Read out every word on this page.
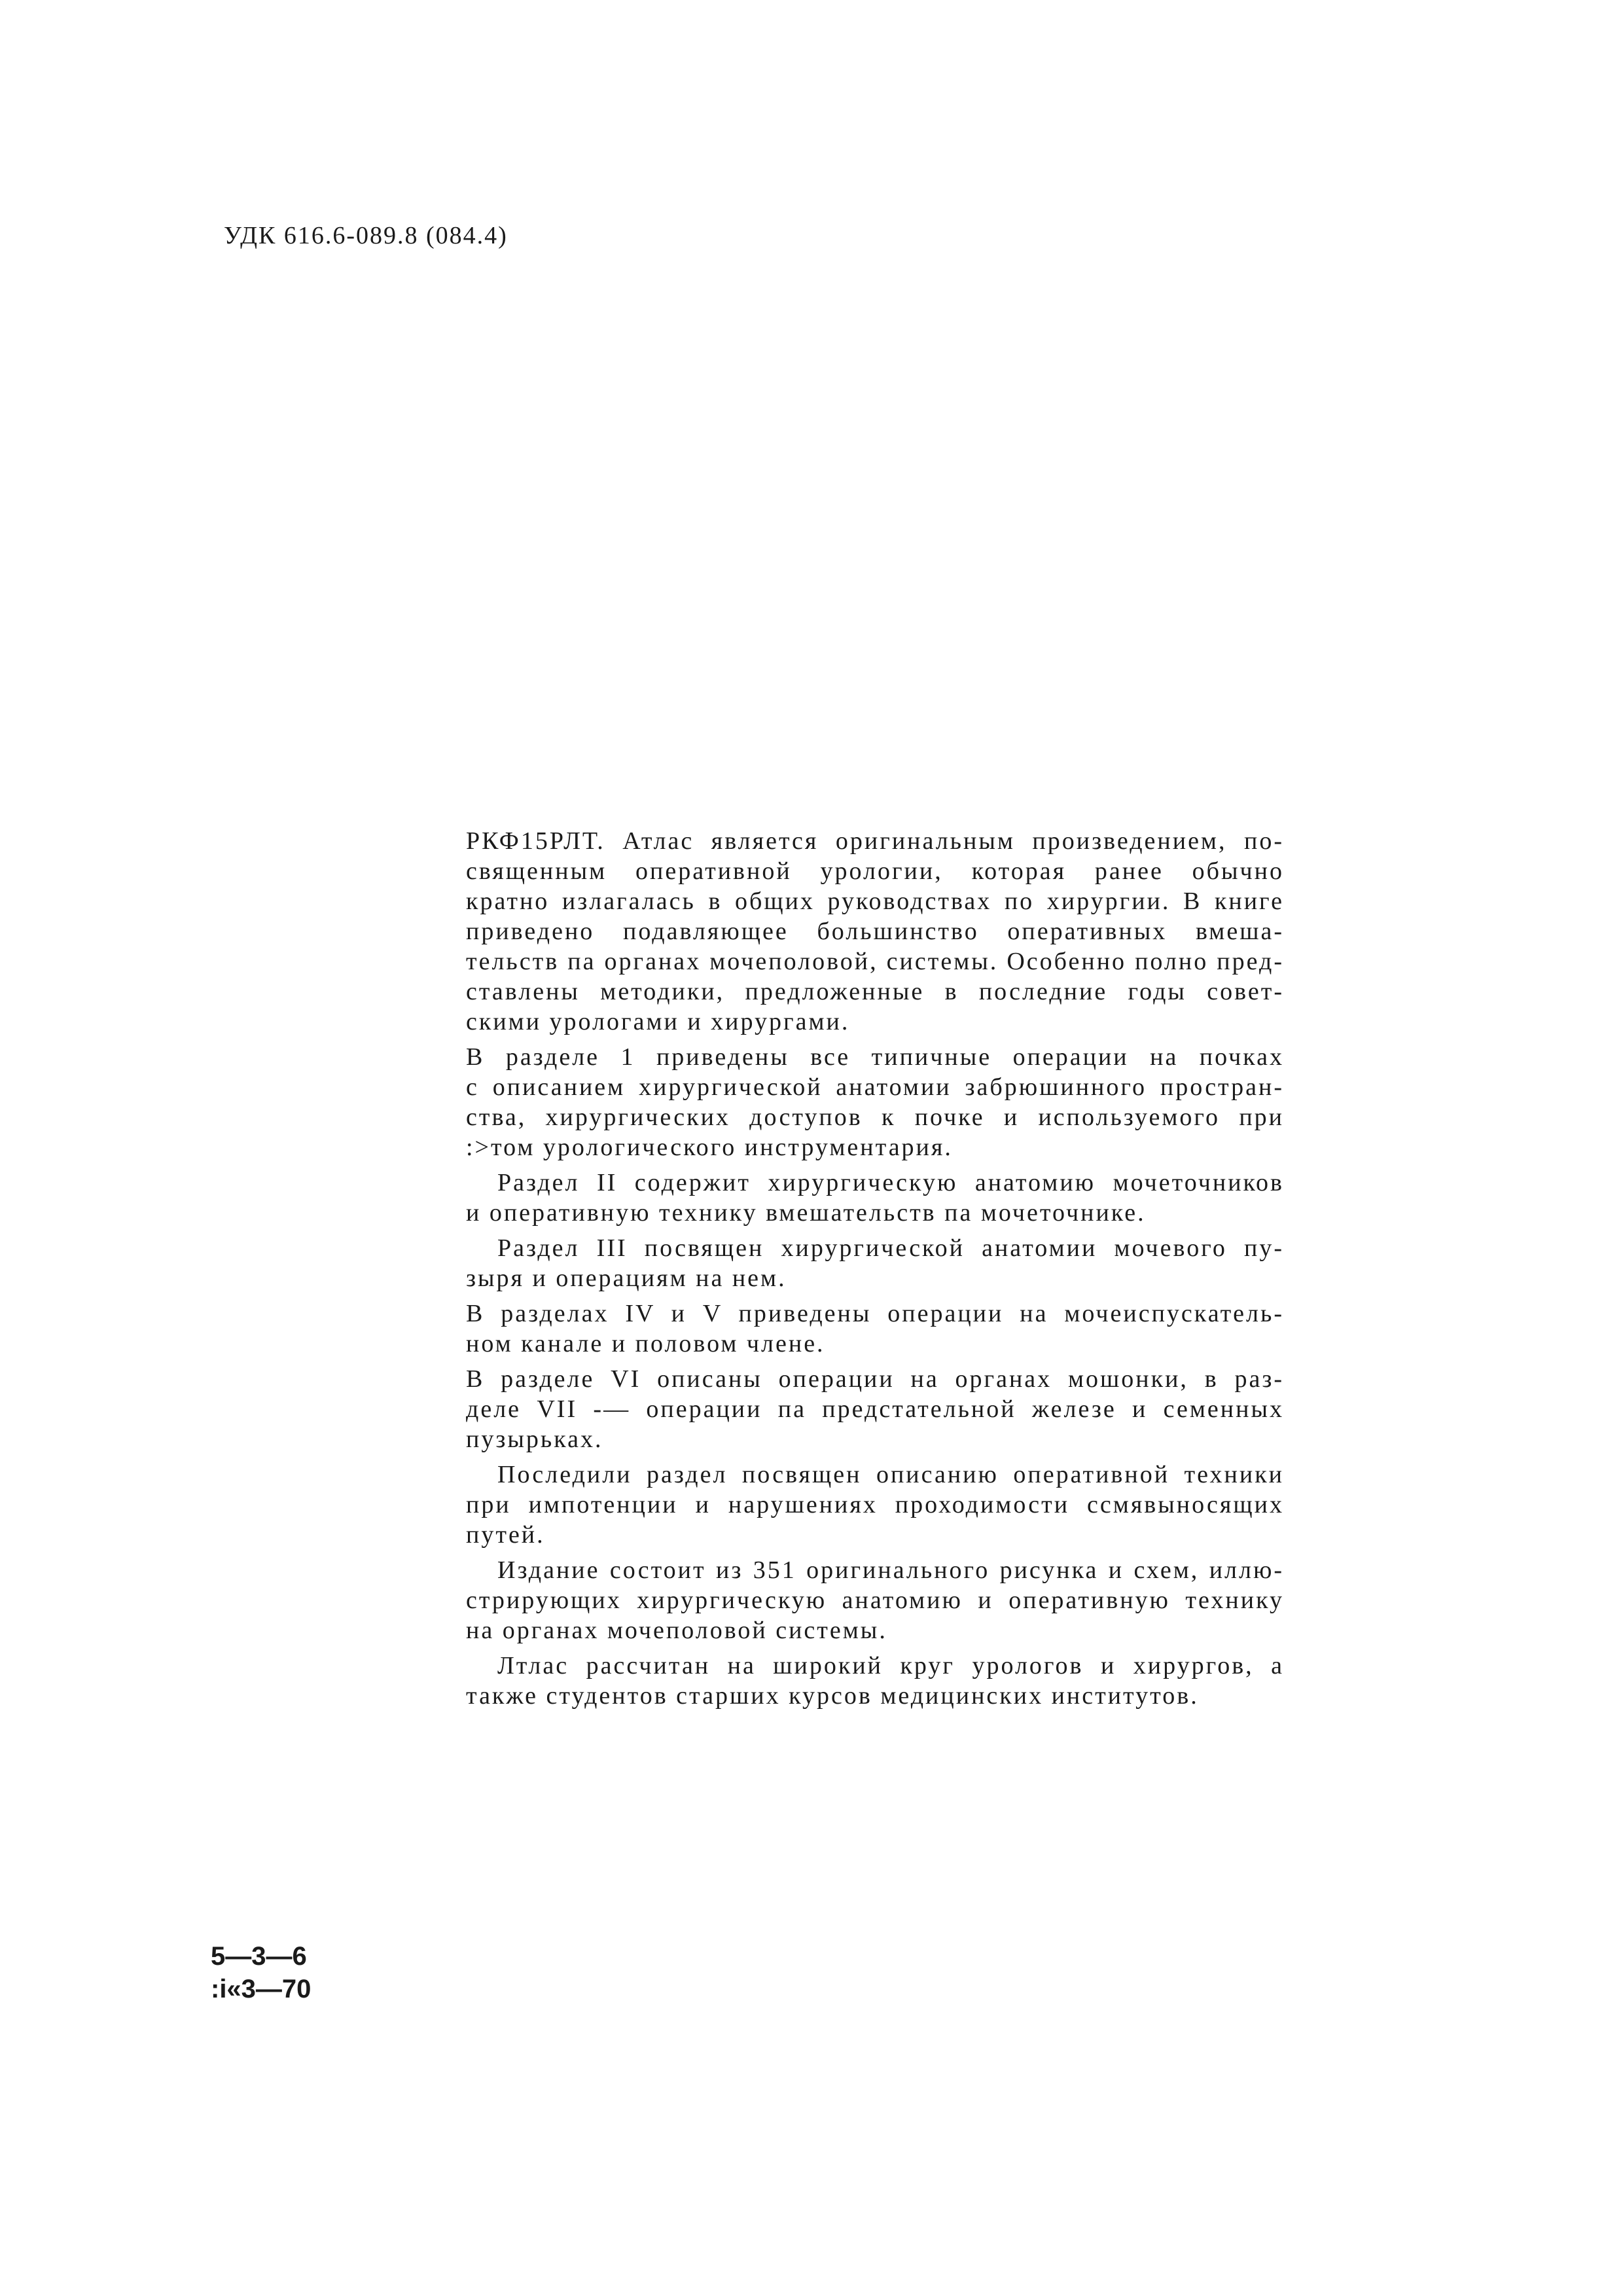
УДК 616.6-089.8 (084.4)

РКФ15РЛТ. Атлас является оригинальным произведением, по-
священным оперативной урологии, которая ранее обычно
кратно излагалась в общих руководствах по хирургии. В книге
приведено подавляющее большинство оперативных вмеша-
тельств па органах мочеполовой, системы. Особенно полно пред-
ставлены методики, предложенные в последние годы совет-
скими урологами и хирургами.

В разделе 1 приведены все типичные операции на почках
с описанием хирургической анатомии забрюшинного простран-
ства, хирургических доступов к почке и используемого при
:>том урологического инструментария.

Раздел II содержит хирургическую анатомию мочеточников
и оперативную технику вмешательств па мочеточнике.

Раздел III посвящен хирургической анатомии мочевого пу-
зыря и операциям на нем.

В разделах IV и V приведены операции на мочеиспускатель-
ном канале и половом члене.

В разделе VI описаны операции на органах мошонки, в раз-
деле VII -— операции па предстательной железе и семенных
пузырьках.

Последили раздел посвящен описанию оперативной техники
при импотенции и нарушениях проходимости ссмявыносящих
путей.

Издание состоит из 351 оригинального рисунка и схем, иллю-
стрирующих хирургическую анатомию и оперативную технику
на органах мочеполовой системы.

Лтлас рассчитан на широкий круг урологов и хирургов, а
также студентов старших курсов медицинских институтов.

5—3—6
:i«3—70
